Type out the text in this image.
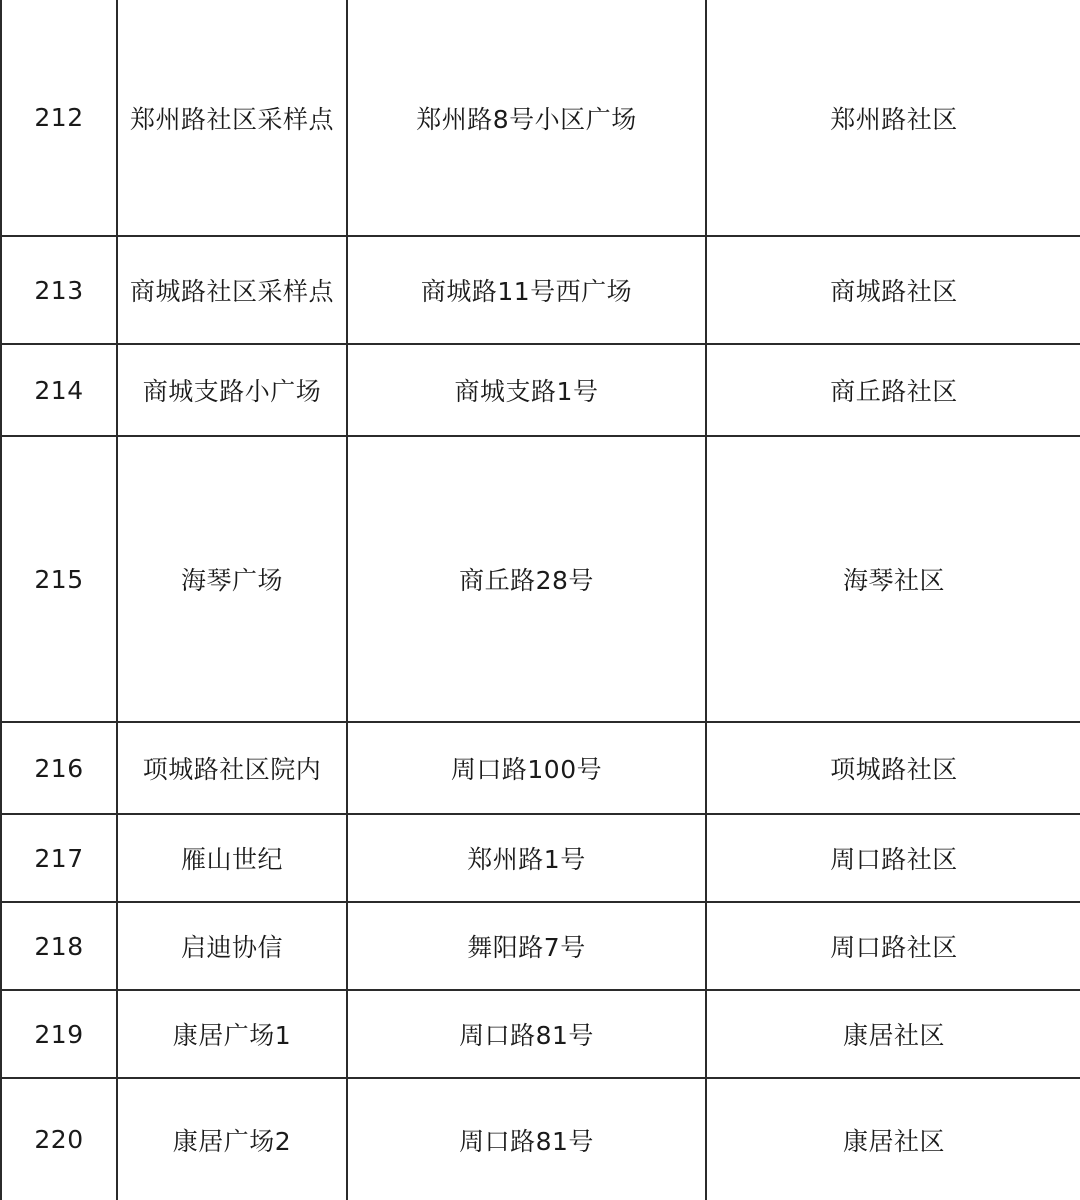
212	郑州路社区采样点	郑州路8号小区广场	郑州路社区
213	商城路社区采样点	商城路11号西广场	商城路社区
214	商城支路小广场	商城支路1号	商丘路社区
215	海琴广场	商丘路28号	海琴社区
216	项城路社区院内	周口路100号	项城路社区
217	雁山世纪	郑州路1号	周口路社区
218	启迪协信	舞阳路7号	周口路社区
219	康居广场1	周口路81号	康居社区
220	康居广场2	周口路81号	康居社区
